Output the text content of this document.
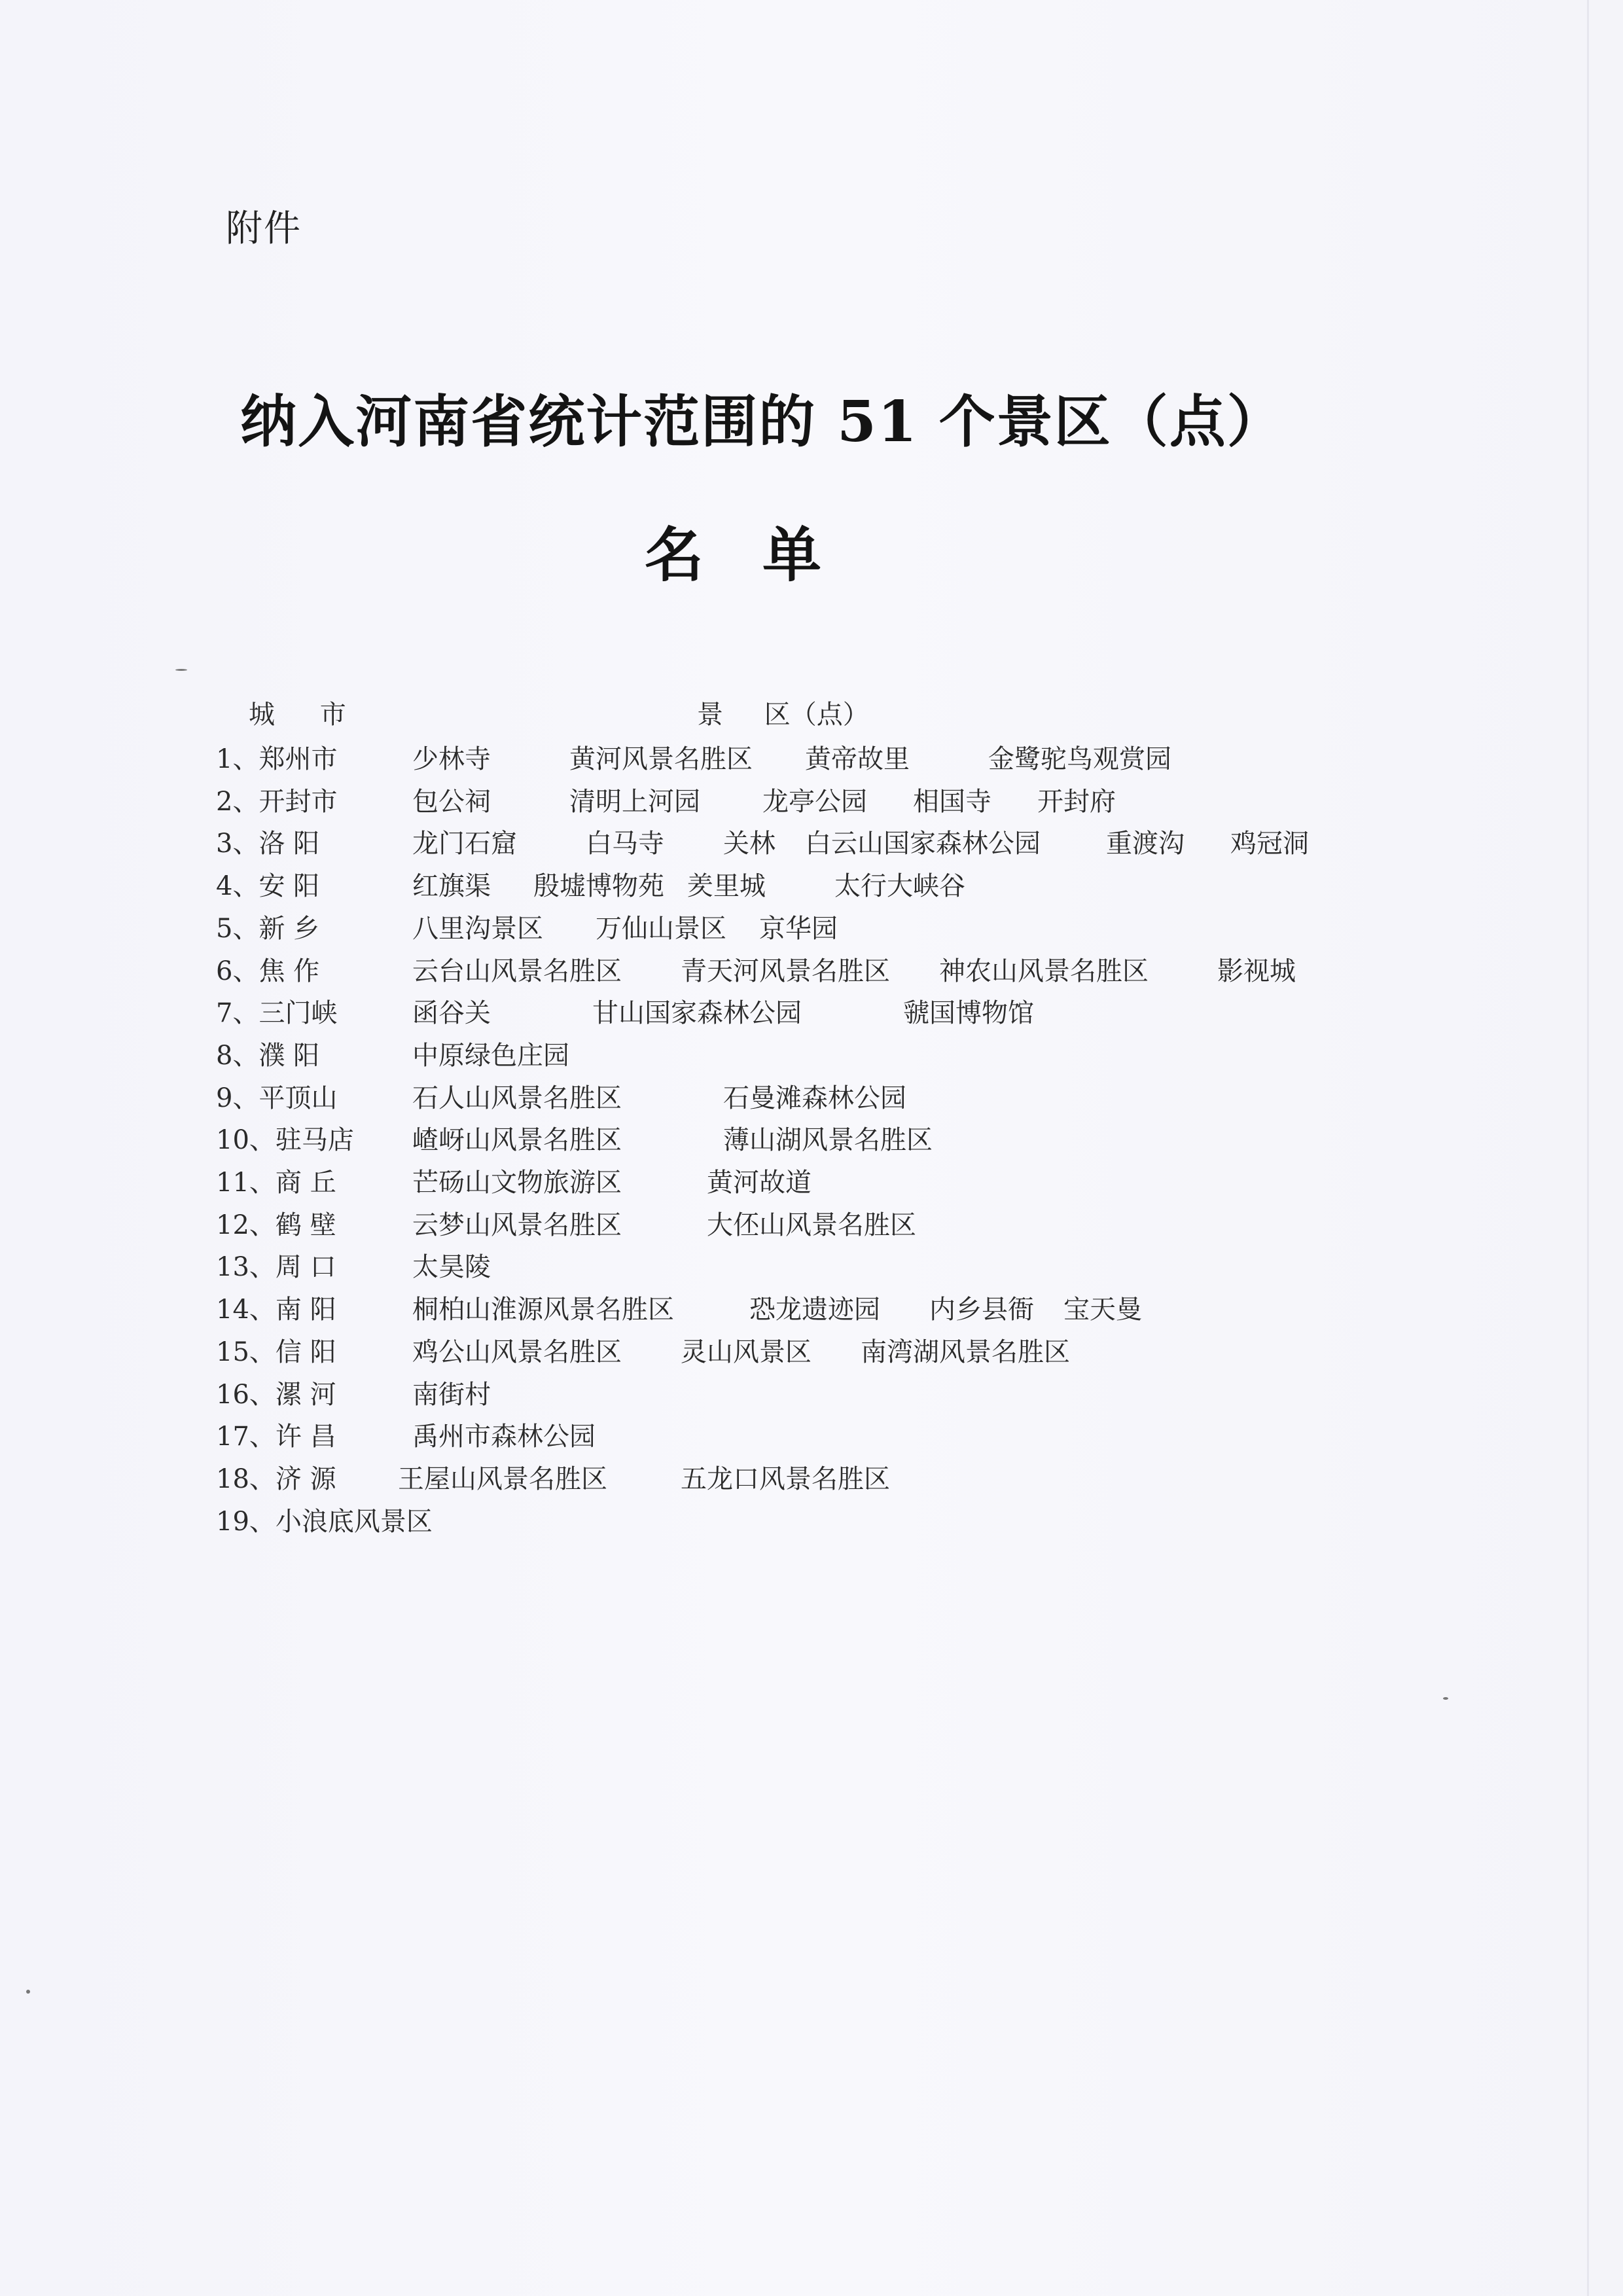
附件
纳入河南省统计范围的 51 个景区（点）
名单
城 市	景 区（点）
1、郑州市	少林寺	黄河风景名胜区 黄帝故里	金鹭驼鸟观赏园
2、开封市	包公祠	清明上河园 龙亭公园 相国寺 开封府
3、洛 阳	龙门石窟	白马寺 关林 白云山国家森林公园	重渡沟 鸡冠洞
4、安 阳	红旗渠 殷墟博物苑 羑里城	太行大峡谷
5、新 乡	八里沟景区 万仙山景区 京华园
6、焦 作	云台山风景名胜区 青天河风景名胜区 神农山风景名胜区	影视城
7、三门峡	函谷关	甘山国家森林公园	虢国博物馆
8、濮 阳	中原绿色庄园
9、平顶山	石人山风景名胜区	石曼滩森林公园
10、驻马店 嵖岈山风景名胜区	薄山湖风景名胜区
11、商 丘	芒砀山文物旅游区	黄河故道
12、鹤 壁	云梦山风景名胜区	大伾山风景名胜区
13、周 口	太昊陵
14、南 阳	桐柏山淮源风景名胜区	恐龙遗迹园 内乡县衙 宝天曼
15、信 阳	鸡公山风景名胜区 灵山风景区 南湾湖风景名胜区
16、漯 河	南街村
17、许 昌	禹州市森林公园
18、济 源 王屋山风景名胜区	五龙口风景名胜区
19、小浪底风景区
